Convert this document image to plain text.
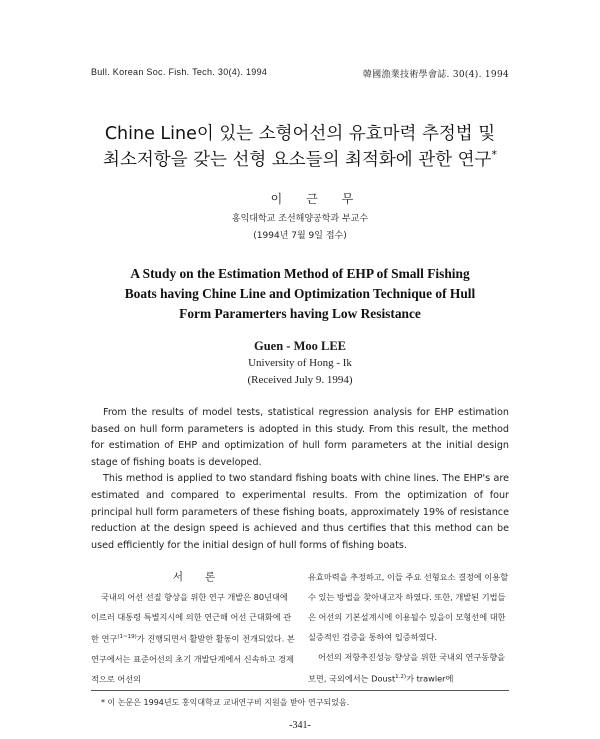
Bull. Korean Soc. Fish. Tech. 30(4). 1994	韓國漁業技術學會誌. 30(4). 1994
Chine Line이 있는 소형어선의 유효마력 추정법 및
최소저항을 갖는 선형 요소들의 최적화에 관한 연구*
이근무
홍익대학교 조선해양공학과 부교수
(1994년 7월 9일 접수)
A Study on the Estimation Method of EHP of Small Fishing
Boats having Chine Line and Optimization Technique of Hull
Form Paramerters having Low Resistance
Guen - Moo LEE
University of Hong - Ik
(Received July 9. 1994)

From the results of model tests, statistical regression analysis for EHP estimation based on hull form parameters is adopted in this study. From this result, the method for estimation of EHP and optimization of hull form parameters at the initial design stage of fishing boats is developed.

This method is applied to two standard fishing boats with chine lines. The EHP's are estimated and compared to experimental results. From the optimization of four principal hull form parameters of these fishing boats, approximately 19% of resistance reduction at the design speed is achieved and thus certifies that this method can be used efficiently for the initial design of hull forms of fishing boats.

서론

국내의 어선 선질 향상을 위한 연구 개발은 80년대에 이르러 대통령 특별지시에 의한 연근해 어선 근대화에 관한 연구$^{(1\sim 19)}$가 진행되면서 활발한 활동이 전개되었다. 본 연구에서는 표준어선의 초기 개발단계에서 신속하고 경제적으로 어선의

유효마력을 추정하고, 이들 주요 선형요소 결정에 이용할 수 있는 방법을 찾아내고자 하였다. 또한, 개발된 기법들은 어선의 기본설계시에 이용될수 있을이 모형선에 대한 실증적인 검증을 통하여 입증하였다.

어선의 저항추진성능 향상을 위한 국내외 연구동향을 보면, 국외에서는 Doust$^{1.2)}$가 trawler에

* 이 논문은 1994년도 홍익대학교 교내연구비 지원을 받아 연구되었음.
-341-
